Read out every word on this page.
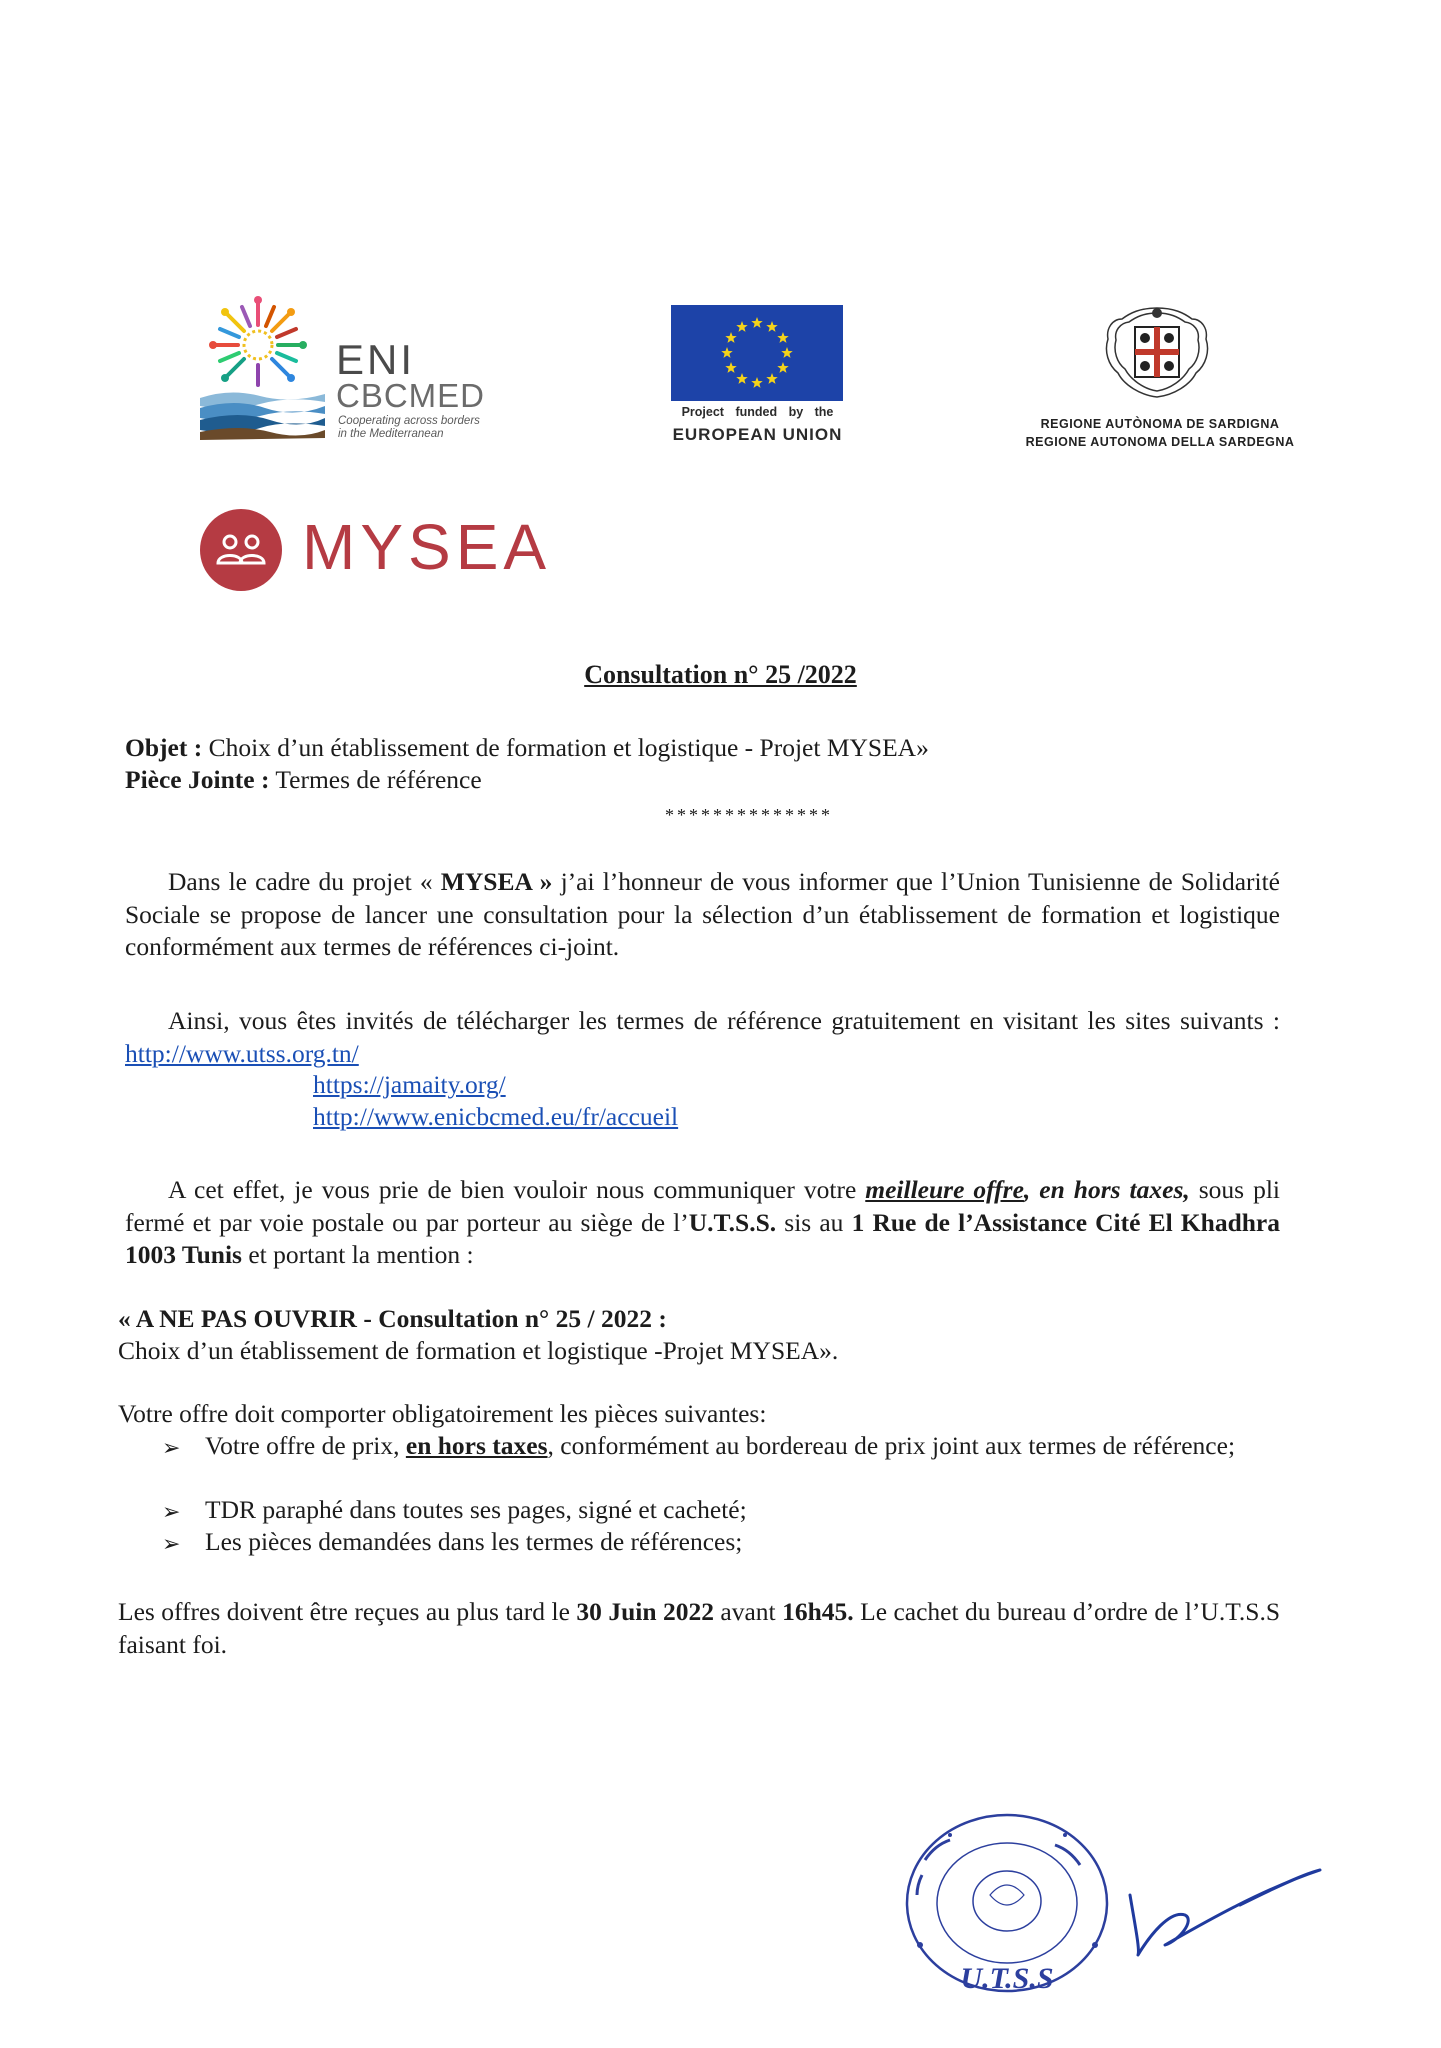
ENI
CBCMED
Cooperating across borders
in the Mediterranean
Project funded by the
EUROPEAN UNION
REGIONE AUTÒNOMA DE SARDIGNA
REGIONE AUTONOMA DELLA SARDEGNA
MYSEA
Consultation n° 25 /2022
Objet : Choix d’un établissement de formation et logistique - Projet MYSEA»
Pièce Jointe : Termes de référence
**************
Dans le cadre du projet « MYSEA » j’ai l’honneur de vous informer que l’Union Tunisienne de Solidarité Sociale se propose de lancer une consultation pour la sélection d’un établissement de formation et logistique conformément aux termes de références ci-joint.
Ainsi, vous êtes invités de télécharger les termes de référence gratuitement en visitant les sites suivants : http://www.utss.org.tn/
https://jamaity.org/
http://www.enicbcmed.eu/fr/accueil
A cet effet, je vous prie de bien vouloir nous communiquer votre meilleure offre, en hors taxes, sous pli fermé et par voie postale ou par porteur au siège de l’U.T.S.S. sis au 1 Rue de l’Assistance Cité El Khadhra 1003 Tunis et portant la mention :
« A NE PAS OUVRIR - Consultation n° 25 / 2022 :
Choix d’un établissement de formation et logistique -Projet MYSEA».
Votre offre doit comporter obligatoirement les pièces suivantes:
➢ Votre offre de prix, en hors taxes, conformément au bordereau de prix joint aux termes de référence;
➢ TDR paraphé dans toutes ses pages, signé et cacheté;
➢ Les pièces demandées dans les termes de références;
Les offres doivent être reçues au plus tard le 30 Juin 2022 avant 16h45. Le cachet du bureau d’ordre de l’U.T.S.S faisant foi.
U.T.S.S
